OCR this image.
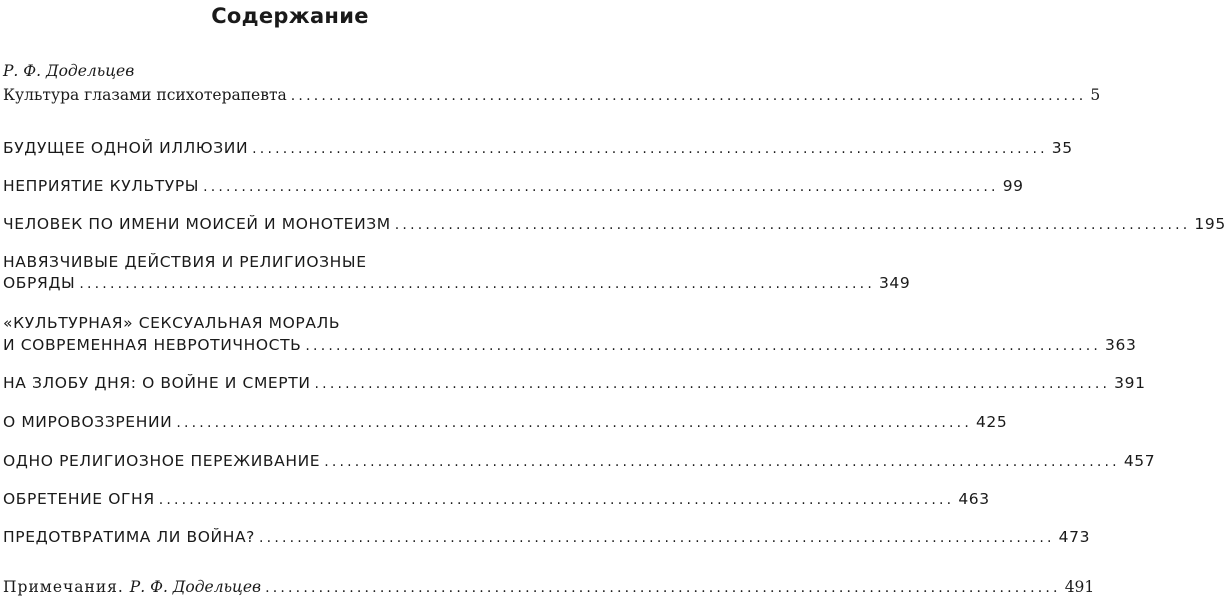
Содержание
Р. Ф. Додельцев
Культура глазами психотерапевта ........................................................................................................ 5
БУДУЩЕЕ ОДНОЙ ИЛЛЮЗИИ ........................................................................................................ 35
НЕПРИЯТИЕ КУЛЬТУРЫ ........................................................................................................ 99
ЧЕЛОВЕК ПО ИМЕНИ МОИСЕЙ И МОНОТЕИЗМ ........................................................................................................ 195
НАВЯЗЧИВЫЕ ДЕЙСТВИЯ И РЕЛИГИОЗНЫЕ
ОБРЯДЫ ........................................................................................................ 349
«КУЛЬТУРНАЯ» СЕКСУАЛЬНАЯ МОРАЛЬ
И СОВРЕМЕННАЯ НЕВРОТИЧНОСТЬ ........................................................................................................ 363
НА ЗЛОБУ ДНЯ: О ВОЙНЕ И СМЕРТИ ........................................................................................................ 391
О МИРОВОЗЗРЕНИИ ........................................................................................................ 425
ОДНО РЕЛИГИОЗНОЕ ПЕРЕЖИВАНИЕ ........................................................................................................ 457
ОБРЕТЕНИЕ ОГНЯ ........................................................................................................ 463
ПРЕДОТВРАТИМА ЛИ ВОЙНА? ........................................................................................................ 473
Примечания. Р. Ф. Додельцев ........................................................................................................ 491
